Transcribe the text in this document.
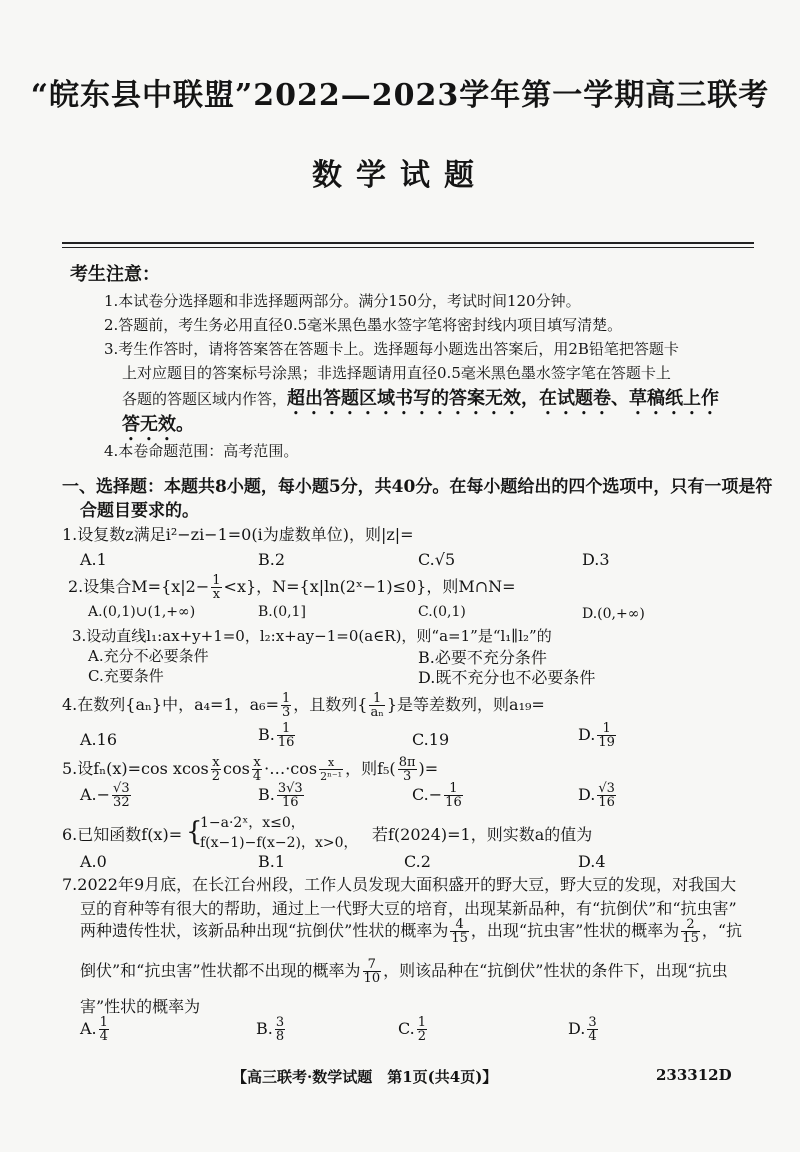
“皖东县中联盟”2022—2023学年第一学期高三联考
数学试题
考生注意：
1.本试卷分选择题和非选择题两部分。满分150分，考试时间120分钟。
2.答题前，考生务必用直径0.5毫米黑色墨水签字笔将密封线内项目填写清楚。
3.考生作答时，请将答案答在答题卡上。选择题每小题选出答案后，用2B铅笔把答题卡
上对应题目的答案标号涂黑；非选择题请用直径0.5毫米黑色墨水签字笔在答题卡上
各题的答题区域内作答，超出答题区域书写的答案无效，在试题卷、草稿纸上作
答无效。
4.本卷命题范围：高考范围。
一、选择题：本题共8小题，每小题5分，共40分。在每小题给出的四个选项中，只有一项是符
合题目要求的。
1.设复数z满足i²−zi−1=0(i为虚数单位)，则|z|=
A.1	B.2	C.√5	D.3
2.设集合$M=\{x|2- \frac{1}{x} <x\}$，N={x|ln(2ˣ−1)≤0}，则M∩N=
A.(0,1)∪(1,+∞)	B.(0,1]	C.(0,1)	D.(0,+∞)
3.设动直线l₁:ax+y+1=0，l₂:x+ay−1=0(a∈R)，则“a=1”是“l₁∥l₂”的
A.充分不必要条件	B.必要不充分条件
C.充要条件	D.既不充分也不必要条件
4.在数列{aₙ}中，a₄=1，$a_6= \frac{1}{3}$ ，且数列{ $\frac{1}{\text{aₙ}}$ }是等差数列，则a₁₉=
A.16	B. $\frac{1}{16}$	C.19	D. $\frac{1}{19}$
5.设fₙ(x)=cos xcos $\frac{x}{2}$ $\cos \frac{x}{4}$ ·…·cos $\frac{x}{\text{2ⁿ⁻¹}}$ ，则$f_5( \frac{8\pi}{3}$ )=
$A.- \frac{√3}{32}$	B. $\frac{3√3}{16}$	$C.- \frac{1}{16}$	D. $\frac{√3}{16}$
6.已知函数f(x)= {
1−a·2ˣ，x≤0，
f(x−1)−f(x−2)，x>0， 若f(2024)=1，则实数a的值为
A.0	B.1	C.2	D.4
7.2022年9月底，在长江台州段，工作人员发现大面积盛开的野大豆，野大豆的发现，对我国大
豆的育种等有很大的帮助，通过上一代野大豆的培育，出现某新品种，有“抗倒伏”和“抗虫害”
两种遗传性状，该新品种出现“抗倒伏”性状的概率为 $\frac{4}{15}$ ，出现“抗虫害”性状的概率为 $\frac{2}{15}$ ，“抗
倒伏”和“抗虫害”性状都不出现的概率为 $\frac{7}{10}$ ，则该品种在“抗倒伏”性状的条件下，出现“抗虫
害”性状的概率为
A. $\frac{1}{4}$	B. $\frac{3}{8}$	C. $\frac{1}{2}$	D. $\frac{3}{4}$
【高三联考·数学试题　第1页(共4页)】	233312D
